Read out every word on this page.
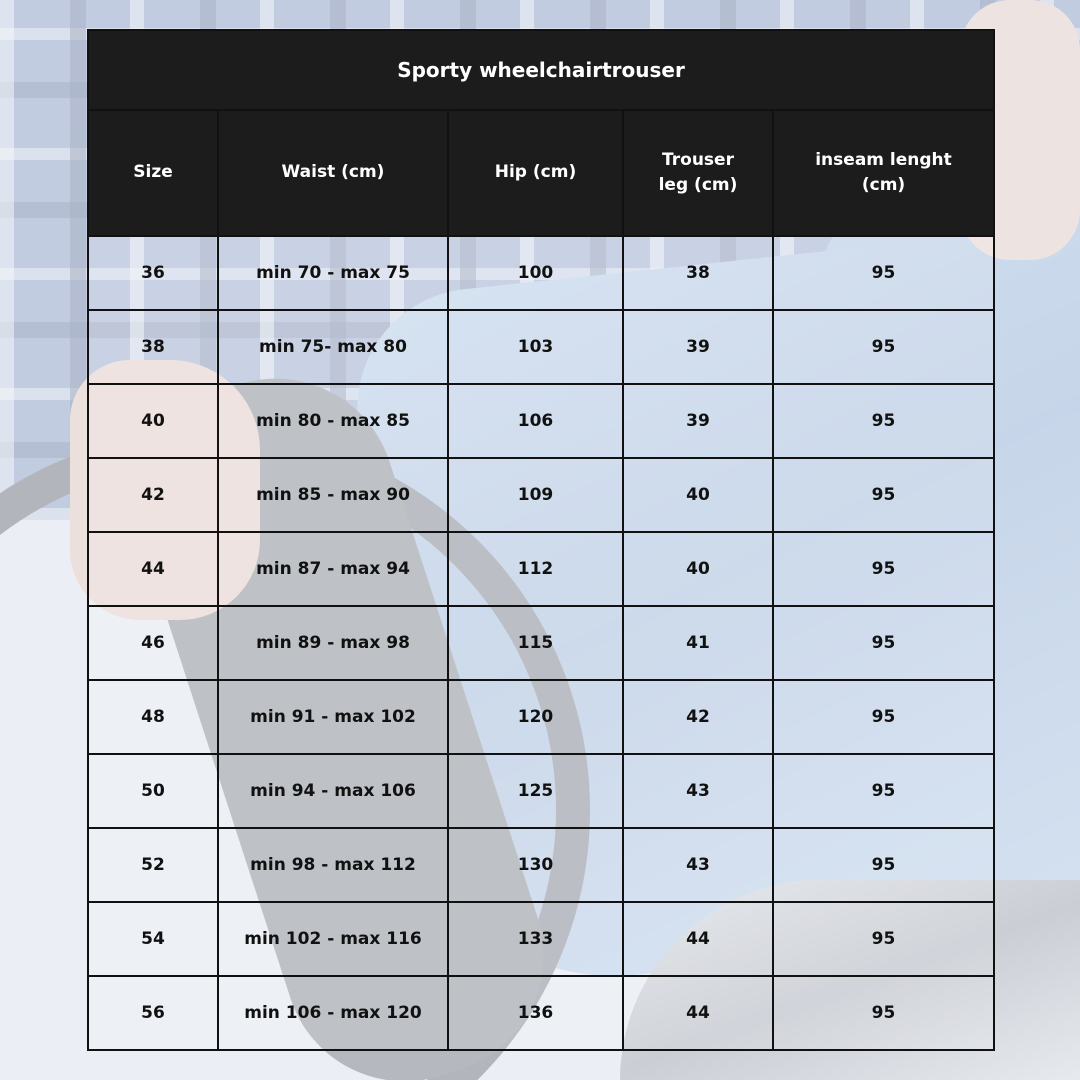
Sporty wheelchairtrouser				
Size	Waist (cm)	Hip (cm)	Trouser leg (cm)	inseam lenght (cm)
36	min 70 - max 75	100	38	95
38	min 75- max 80	103	39	95
40	min 80 - max 85	106	39	95
42	min 85 - max 90	109	40	95
44	min 87 - max 94	112	40	95
46	min 89 - max 98	115	41	95
48	min 91 - max 102	120	42	95
50	min 94 - max 106	125	43	95
52	min 98 - max 112	130	43	95
54	min 102 - max 116	133	44	95
56	min 106 - max 120	136	44	95
